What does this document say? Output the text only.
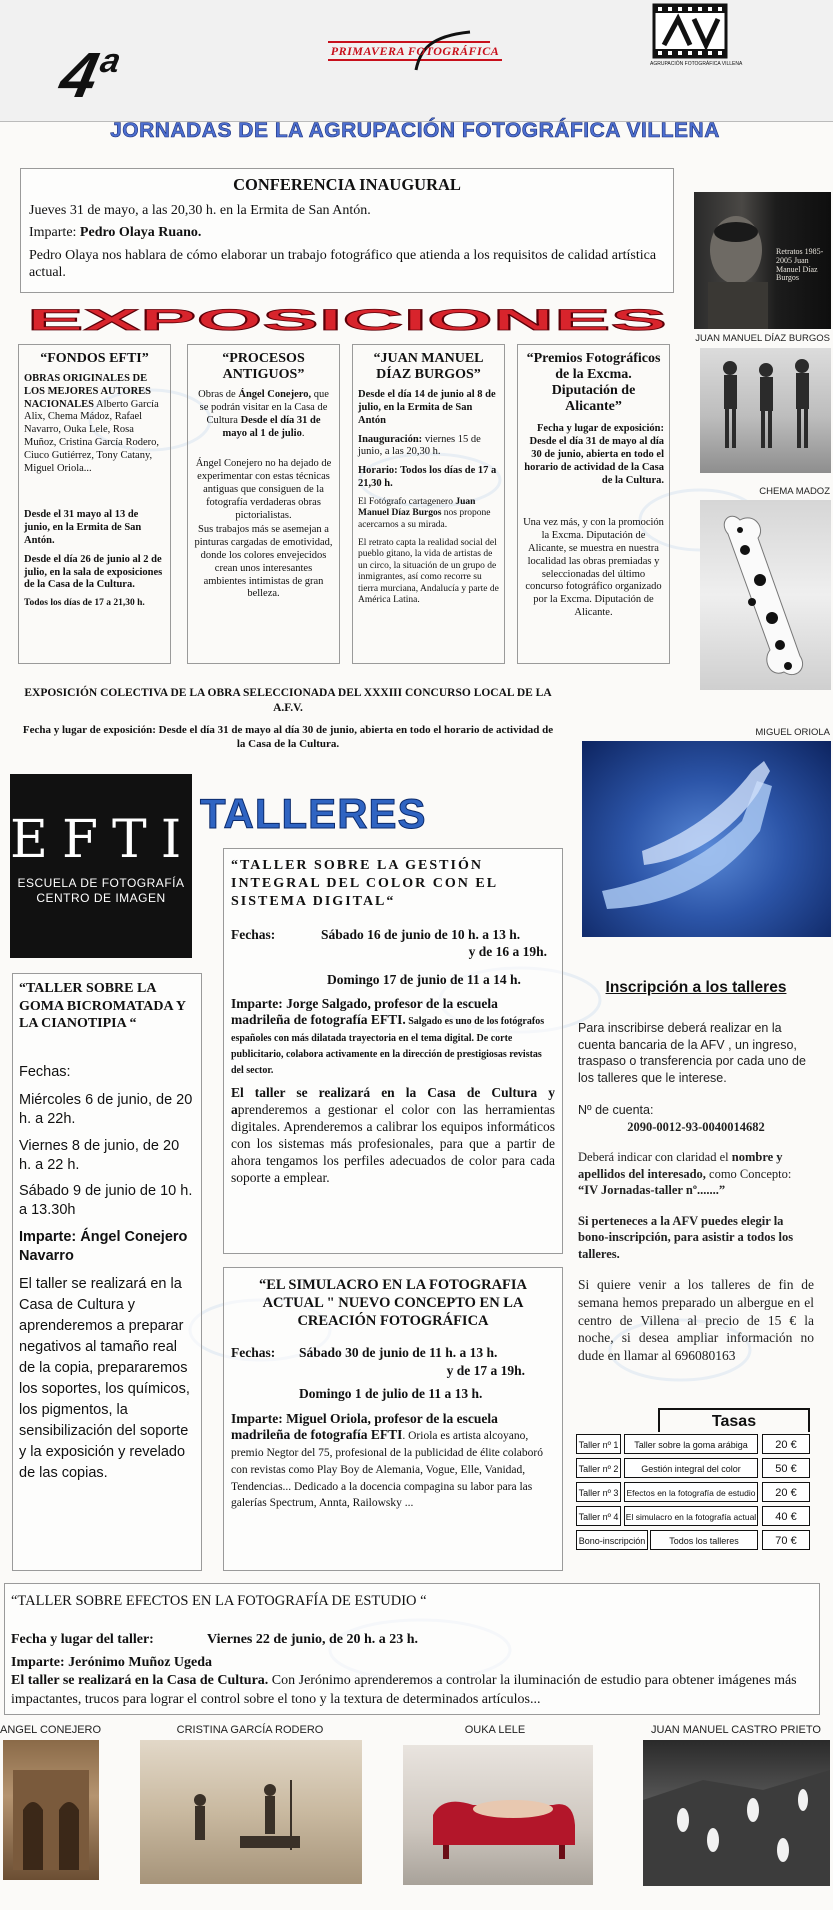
4$^a$	PRIMAVERA FOTOGRÁFICA
AGRUPACIÓN FOTOGRÁFICA VILLENA
JORNADAS DE LA AGRUPACIÓN FOTOGRÁFICA VILLENA

CONFERENCIA INAUGURAL

Jueves 31 de mayo, a las 20,30 h. en la Ermita de San Antón.

Imparte: Pedro Olaya Ruano.

Pedro Olaya nos hablara de cómo elaborar un trabajo fotográfico que atienda a los requisitos de calidad artística actual.

EXPOSICIONES

“FONDOS EFTI”

OBRAS ORIGINALES DE LOS MEJORES AUTORES NACIONALES Alberto García Alix, Chema Mádoz, Rafael Navarro, Ouka Lele, Rosa Muñoz, Cristina García Rodero, Ciuco Gutiérrez, Tony Catany, Miguel Oriola...

Desde el 31 mayo al 13 de junio, en la Ermita de San Antón.

Desde el día 26 de junio al 2 de julio, en la sala de exposiciones de la Casa de la Cultura.

Todos los días de 17 a 21,30 h.

“PROCESOS ANTIGUOS”

Obras de Ángel Conejero, que se podrán visitar en la Casa de Cultura Desde el día 31 de mayo al 1 de julio.

Ángel Conejero no ha dejado de experimentar con estas técnicas antiguas que consiguen de la fotografía verdaderas obras pictorialistas.

Sus trabajos más se asemejan a pinturas cargadas de emotividad, donde los colores envejecidos crean unos interesantes ambientes intimistas de gran belleza.

“JUAN MANUEL DÍAZ BURGOS”

Desde el día 14 de junio al 8 de julio, en la Ermita de San Antón

Inauguración: viernes 15 de junio, a las 20,30 h.

Horario: Todos los días de 17 a 21,30 h.

El Fotógrafo cartagenero Juan Manuel Díaz Burgos nos propone acercarnos a su mirada.

El retrato capta la realidad social del pueblo gitano, la vida de artistas de un circo, la situación de un grupo de inmigrantes, así como recorre su tierra murciana, Andalucía y parte de América Latina.

“Premios Fotográficos de la Excma. Diputación de Alicante”

Fecha y lugar de exposición: Desde el día 31 de mayo al día 30 de junio, abierta en todo el horario de actividad de la Casa de la Cultura.

Una vez más, y con la promoción la Excma. Diputación de Alicante, se muestra en nuestra localidad las obras premiadas y seleccionadas del último concurso fotográfico organizado por la Excma. Diputación de Alicante.

Retratos 1985-2005 Juan Manuel Díaz Burgos
JUAN MANUEL DÍAZ BURGOS
CHEMA MADOZ
MIGUEL ORIOLA

EXPOSICIÓN COLECTIVA DE LA OBRA SELECCIONADA DEL XXXIII CONCURSO LOCAL DE LA A.F.V.

Fecha y lugar de exposición: Desde el día 31 de mayo al día 30 de junio, abierta en todo el horario de actividad de la Casa de la Cultura.

EFTI
ESCUELA DE FOTOGRAFÍA
CENTRO DE IMAGEN
TALLERES

“TALLER SOBRE LA GESTIÓN INTEGRAL DEL COLOR CON EL SISTEMA DIGITAL“

Fechas:	Sábado 16 de junio de 10 h. a 13 h.

y de 16 a 19h.

Domingo 17 de junio de 11 a 14 h.

Imparte: Jorge Salgado, profesor de la escuela madrileña de fotografía EFTI. Salgado es uno de los fotógrafos españoles con más dilatada trayectoria en el tema digital. De corte publicitario, colabora activamente en la dirección de prestigiosas revistas del sector.

El taller se realizará en la Casa de Cultura y aprenderemos a gestionar el color con las herramientas digitales. Aprenderemos a calibrar los equipos informáticos con los sistemas más profesionales, para que a partir de ahora tengamos los perfiles adecuados de color para cada soporte a emplear.

“TALLER SOBRE LA GOMA BICROMATADA Y LA CIANOTIPIA “

Fechas:

Miércoles 6 de junio, de 20 h. a 22h.

Viernes 8 de junio, de 20 h. a 22 h.

Sábado 9 de junio de 10 h. a 13.30h

Imparte: Ángel Conejero Navarro

El taller se realizará en la Casa de Cultura y aprenderemos a preparar negativos al tamaño real de la copia, prepararemos los soportes, los químicos, los pigmentos, la sensibilización del soporte y la exposición y revelado de las copias.

“EL SIMULACRO EN LA FOTOGRAFIA ACTUAL " NUEVO CONCEPTO EN LA CREACIÓN FOTOGRÁFICA

Fechas: Sábado 30 de junio de 11 h. a 13 h.

y de 17 a 19h.

Domingo 1 de julio de 11 a 13 h.

Imparte: Miguel Oriola, profesor de la escuela madrileña de fotografía EFTI. Oriola es artista alcoyano, premio Negtor del 75, profesional de la publicidad de élite colaboró con revistas como Play Boy de Alemania, Vogue, Elle, Vanidad, Tendencias... Dedicado a la docencia compagina su labor para las galerías Spectrum, Annta, Railowsky ...

Inscripción a los talleres

Para inscribirse deberá realizar en la cuenta bancaria de la AFV , un ingreso, traspaso o transferencia por cada uno de los talleres que le interese.

Nº de cuenta:

2090-0012-93-0040014682

Deberá indicar con claridad el nombre y apellidos del interesado, como Concepto: “IV Jornadas-taller nº.......”

Si perteneces a la AFV puedes elegir la bono-inscripción, para asistir a todos los talleres.

Si quiere venir a los talleres de fin de semana hemos preparado un albergue en el centro de Villena al precio de 15 € la noche, si desea ampliar información no dude en llamar al 696080163

Tasas
Taller nº 1	Taller sobre la goma arábiga	20 €
Taller nº 2	Gestión integral del color	50 €
Taller nº 3 Efectos en la fotografía de estudio	20 €
Taller nº 4 El simulacro en la fotografía actual	40 €
Bono-inscripción	Todos los talleres	70 €

“TALLER SOBRE EFECTOS EN LA FOTOGRAFÍA DE ESTUDIO “

Fecha y lugar del taller:	Viernes 22 de junio, de 20 h. a 23 h.

Imparte: Jerónimo Muñoz Ugeda

El taller se realizará en la Casa de Cultura. Con Jerónimo aprenderemos a controlar la iluminación de estudio para obtener imágenes más impactantes, trucos para lograr el control sobre el tono y la textura de determinados artículos...

ANGEL CONEJERO	CRISTINA GARCÍA RODERO	OUKA LELE	JUAN MANUEL CASTRO PRIETO
